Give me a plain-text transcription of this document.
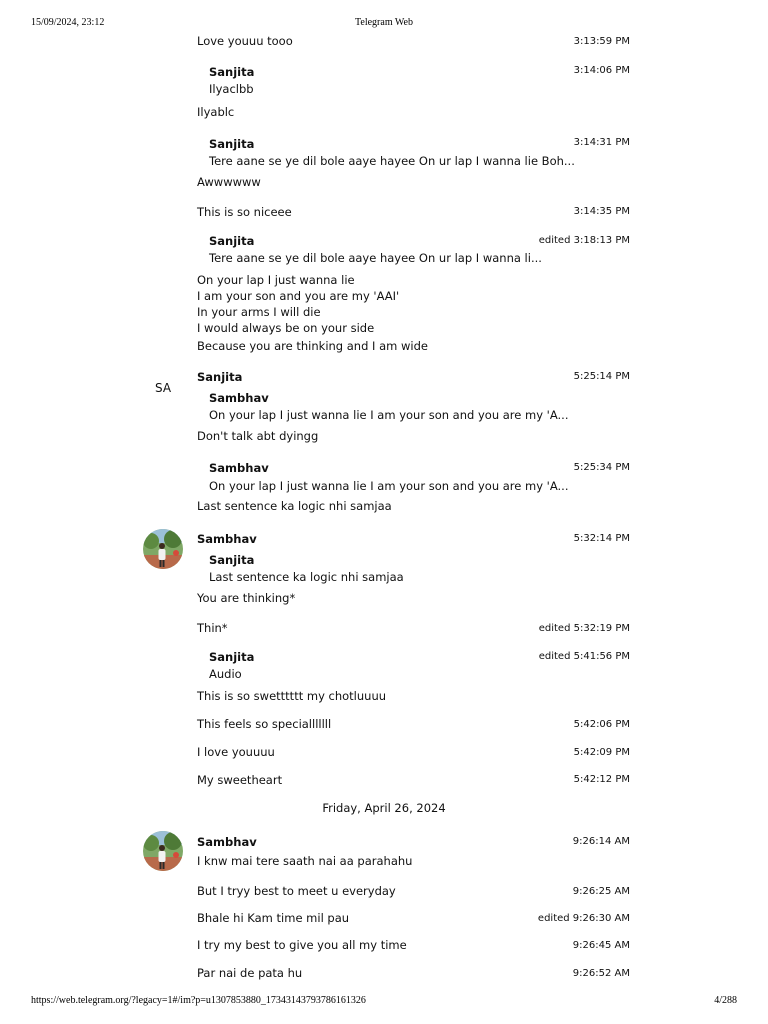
15/09/2024, 23:12	Telegram Web
Love youuu tooo	3:13:59 PM
Sanjita	3:14:06 PM
Ilyaclbb
Ilyablc
Sanjita	3:14:31 PM
Tere aane se ye dil bole aaye hayee On ur lap I wanna lie Boh...
Awwwwww
This is so niceee	3:14:35 PM
Sanjita	edited 3:18:13 PM
Tere aane se ye dil bole aaye hayee On ur lap I wanna li...
On your lap I just wanna lie
I am your son and you are my 'AAI'
In your arms I will die
I would always be on your side
Because you are thinking and I am wide
SA
Sanjita	5:25:14 PM
Sambhav
On your lap I just wanna lie I am your son and you are my 'A...
Don't talk abt dyingg
Sambhav	5:25:34 PM
On your lap I just wanna lie I am your son and you are my 'A...
Last sentence ka logic nhi samjaa
Sambhav	5:32:14 PM
Sanjita
Last sentence ka logic nhi samjaa
You are thinking*
Thin*	edited 5:32:19 PM
Sanjita	edited 5:41:56 PM
Audio
This is so swetttttt my chotluuuu
This feels so specialllllll	5:42:06 PM
I love youuuu	5:42:09 PM
My sweetheart	5:42:12 PM
Friday, April 26, 2024
Sambhav	9:26:14 AM
I knw mai tere saath nai aa parahahu
But I tryy best to meet u everyday	9:26:25 AM
Bhale hi Kam time mil pau	edited 9:26:30 AM
I try my best to give you all my time	9:26:45 AM
Par nai de pata hu	9:26:52 AM
https://web.telegram.org/?legacy=1#/im?p=u1307853880_17343143793786161326	4/288
